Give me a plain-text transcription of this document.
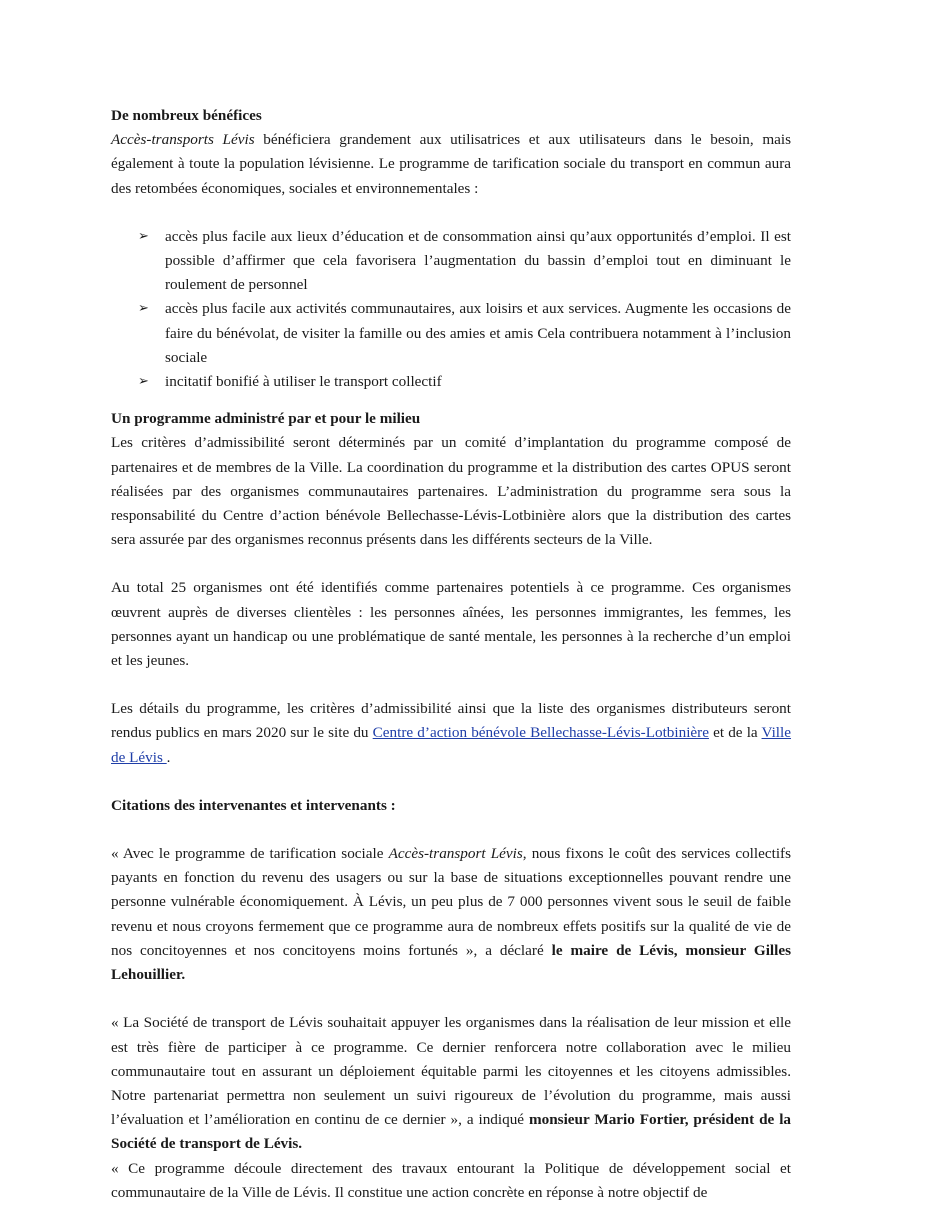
De nombreux bénéfices

Accès-transports Lévis bénéficiera grandement aux utilisatrices et aux utilisateurs dans le besoin, mais également à toute la population lévisienne. Le programme de tarification sociale du transport en commun aura des retombées économiques, sociales et environnementales :

➢ accès plus facile aux lieux d’éducation et de consommation ainsi qu’aux opportunités d’emploi. Il est possible d’affirmer que cela favorisera l’augmentation du bassin d’emploi tout en diminuant le roulement de personnel
➢ accès plus facile aux activités communautaires, aux loisirs et aux services. Augmente les occasions de faire du bénévolat, de visiter la famille ou des amies et amis Cela contribuera notamment à l’inclusion sociale
➢ incitatif bonifié à utiliser le transport collectif

Un programme administré par et pour le milieu

Les critères d’admissibilité seront déterminés par un comité d’implantation du programme composé de partenaires et de membres de la Ville. La coordination du programme et la distribution des cartes OPUS seront réalisées par des organismes communautaires partenaires. L’administration du programme sera sous la responsabilité du Centre d’action bénévole Bellechasse-Lévis-Lotbinière alors que la distribution des cartes sera assurée par des organismes reconnus présents dans les différents secteurs de la Ville.

Au total 25 organismes ont été identifiés comme partenaires potentiels à ce programme. Ces organismes œuvrent auprès de diverses clientèles : les personnes aînées, les personnes immigrantes, les femmes, les personnes ayant un handicap ou une problématique de santé mentale, les personnes à la recherche d’un emploi et les jeunes.

Les détails du programme, les critères d’admissibilité ainsi que la liste des organismes distributeurs seront rendus publics en mars 2020 sur le site du Centre d’action bénévole Bellechasse-Lévis-Lotbinière et de la Ville de Lévis .

Citations des intervenantes et intervenants :

« Avec le programme de tarification sociale Accès-transport Lévis, nous fixons le coût des services collectifs payants en fonction du revenu des usagers ou sur la base de situations exceptionnelles pouvant rendre une personne vulnérable économiquement. À Lévis, un peu plus de 7 000 personnes vivent sous le seuil de faible revenu et nous croyons fermement que ce programme aura de nombreux effets positifs sur la qualité de vie de nos concitoyennes et nos concitoyens moins fortunés », a déclaré le maire de Lévis, monsieur Gilles Lehouillier.

« La Société de transport de Lévis souhaitait appuyer les organismes dans la réalisation de leur mission et elle est très fière de participer à ce programme. Ce dernier renforcera notre collaboration avec le milieu communautaire tout en assurant un déploiement équitable parmi les citoyennes et les citoyens admissibles. Notre partenariat permettra non seulement un suivi rigoureux de l’évolution du programme, mais aussi l’évaluation et l’amélioration en continu de ce dernier », a indiqué monsieur Mario Fortier, président de la Société de transport de Lévis.

« Ce programme découle directement des travaux entourant la Politique de développement social et communautaire de la Ville de Lévis. Il constitue une action concrète en réponse à notre objectif de
